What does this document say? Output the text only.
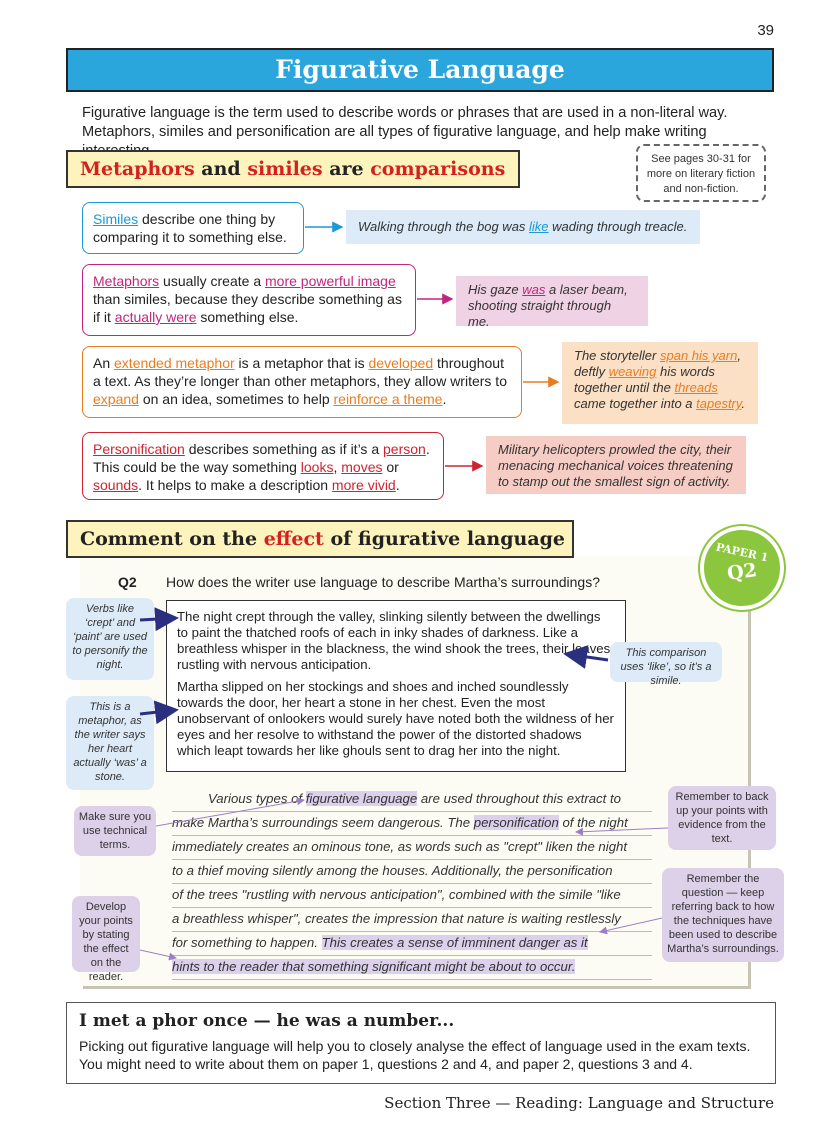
39
Figurative Language
Figurative language is the term used to describe words or phrases that are used in a non-literal way. Metaphors, similes and personification are all types of figurative language, and help make writing
Metaphors and similes are comparisons	See pages 30-31 for more on literary fiction and non-fiction.
Similes describe one thing by comparing it to something else.
Walking through the bog was like wading through treacle.
Metaphors usually create a more powerful image than similes, because they describe something as if it actually were something else.
His gaze was a laser beam, shooting straight through me.
An extended metaphor is a metaphor that is developed throughout a text. As they’re longer than other metaphors, they allow writers to expand on an idea, sometimes to help reinforce a theme.
The storyteller span his yarn, deftly weaving his words together until the threads came together into a tapestry.
Personification describes something as if it’s a person. This could be the way something looks, moves or sounds. It helps to make a description more vivid.
Military helicopters prowled the city, their menacing mechanical voices threatening to stamp out the smallest sign of activity.
Comment on the effect of figurative language
PAPER 1
Q2
Q2 How does the writer use language to describe Martha’s surroundings?

The night crept through the valley, slinking silently between the dwellings to paint the thatched roofs of each in inky shades of darkness. Like a breathless whisper in the blackness, the wind shook the trees, their leaves rustling with nervous anticipation.

Martha slipped on her stockings and shoes and inched soundlessly towards the door, her heart a stone in her chest. Even the most unobservant of onlookers would surely have noted both the wildness of her eyes and her resolve to withstand the power of the distorted shadows which leapt towards her like ghouls sent to drag her into the night.

Verbs like ‘crept’ and ‘paint’ are used to personify the night.
This is a metaphor, as the writer says her heart actually ‘was’ a stone.
This comparison uses ‘like’, so it’s a simile.
Make sure you use technical terms.
Develop your points by stating the effect on the reader.
Remember to back up your points with evidence from the text.
Remember the question — keep referring back to how the techniques have been used to describe Martha’s surroundings.
Various types of figurative language are used throughout this extract to
make Martha’s surroundings seem dangerous. The personification of the night
immediately creates an ominous tone, as words such as "crept" liken the night
to a thief moving silently among the houses. Additionally, the personification
of the trees "rustling with nervous anticipation", combined with the simile "like
a breathless whisper", creates the impression that nature is waiting restlessly
for something to happen. This creates a sense of imminent danger as it
hints to the reader that something significant might be about to occur.
I met a phor once — he was a number...
Picking out figurative language will help you to closely analyse the effect of language used in the exam texts. You might need to write about them on paper 1, questions 2 and 4, and paper 2, questions 3 and 4.
Section Three — Reading: Language and Structure
